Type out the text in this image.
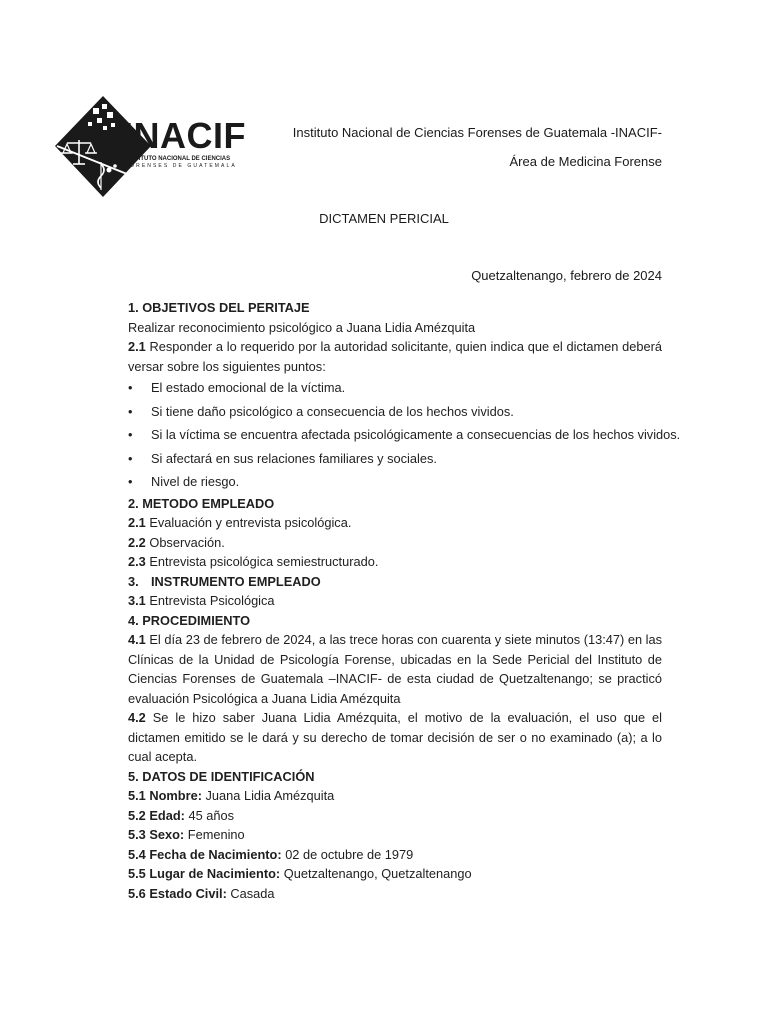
INACIF
INSTITUTO NACIONAL DE CIENCIAS
FORENSES DE GUATEMALA
Instituto Nacional de Ciencias Forenses de Guatemala -INACIF-
Área de Medicina Forense
DICTAMEN PERICIAL
Quetzaltenango, febrero de 2024
1. OBJETIVOS DEL PERITAJE
Realizar reconocimiento psicológico a Juana Lidia Amézquita
2.1 Responder a lo requerido por la autoridad solicitante, quien indica que el dictamen deberá versar sobre los siguientes puntos:
• El estado emocional de la víctima.
• Si tiene daño psicológico a consecuencia de los hechos vividos.
• Si la víctima se encuentra afectada psicológicamente a consecuencias de los hechos vividos.
• Si afectará en sus relaciones familiares y sociales.
• Nivel de riesgo.
2. METODO EMPLEADO
2.1 Evaluación y entrevista psicológica.
2.2 Observación.
2.3 Entrevista psicológica semiestructurado.
3. INSTRUMENTO EMPLEADO
3.1 Entrevista Psicológica
4. PROCEDIMIENTO
4.1 El día 23 de febrero de 2024, a las trece horas con cuarenta y siete minutos (13:47) en las Clínicas de la Unidad de Psicología Forense, ubicadas en la Sede Pericial del Instituto de Ciencias Forenses de Guatemala –INACIF- de esta ciudad de Quetzaltenango; se practicó evaluación Psicológica a Juana Lidia Amézquita
4.2 Se le hizo saber Juana Lidia Amézquita, el motivo de la evaluación, el uso que el dictamen emitido se le dará y su derecho de tomar decisión de ser o no examinado (a); a lo cual acepta.
5. DATOS DE IDENTIFICACIÓN
5.1 Nombre: Juana Lidia Amézquita
5.2 Edad: 45 años
5.3 Sexo: Femenino
5.4 Fecha de Nacimiento: 02 de octubre de 1979
5.5 Lugar de Nacimiento: Quetzaltenango, Quetzaltenango
5.6 Estado Civil: Casada
